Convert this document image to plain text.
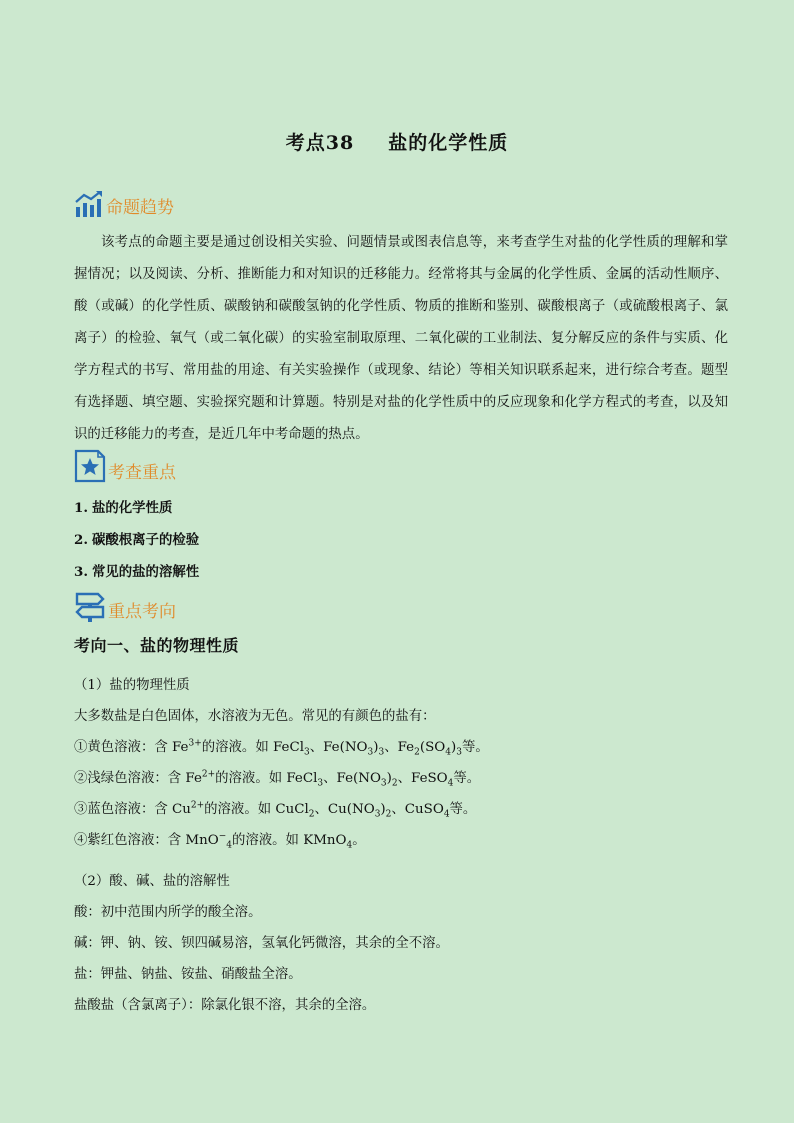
考点38 盐的化学性质
命题趋势
该考点的命题主要是通过创设相关实验、问题情景或图表信息等，来考查学生对盐的化学性质的理解和掌握情况；以及阅读、分析、推断能力和对知识的迁移能力。经常将其与金属的化学性质、金属的活动性顺序、酸（或碱）的化学性质、碳酸钠和碳酸氢钠的化学性质、物质的推断和鉴别、碳酸根离子（或硫酸根离子、氯离子）的检验、氧气（或二氧化碳）的实验室制取原理、二氧化碳的工业制法、复分解反应的条件与实质、化学方程式的书写、常用盐的用途、有关实验操作（或现象、结论）等相关知识联系起来，进行综合考查。题型有选择题、填空题、实验探究题和计算题。特别是对盐的化学性质中的反应现象和化学方程式的考查，以及知识的迁移能力的考查，是近几年中考命题的热点。
考查重点
1. 盐的化学性质
2. 碳酸根离子的检验
3. 常见的盐的溶解性
重点考向
考向一、盐的物理性质
（1）盐的物理性质
大多数盐是白色固体，水溶液为无色。常见的有颜色的盐有：
①黄色溶液：含 $Fe^{3+}$的溶液。如 FeCl$_3$、$Fe(NO_3)_3$、$Fe_2(SO_4)_3$等。
②浅绿色溶液：含 $Fe^{2+}$的溶液。如 FeCl$_3$、$Fe(NO_3)_2$、FeSO$_4$等。
③蓝色溶液：含 $Cu^{2+}$的溶液。如 CuCl$_2$、$Cu(NO_3)_2$、CuSO$_4$等。
④紫红色溶液：含 MnO−$_4$的溶液。如 KMnO$_4$。
（2）酸、碱、盐的溶解性
酸：初中范围内所学的酸全溶。
碱：钾、钠、铵、钡四碱易溶，氢氧化钙微溶，其余的全不溶。
盐：钾盐、钠盐、铵盐、硝酸盐全溶。
盐酸盐（含氯离子）：除氯化银不溶，其余的全溶。
